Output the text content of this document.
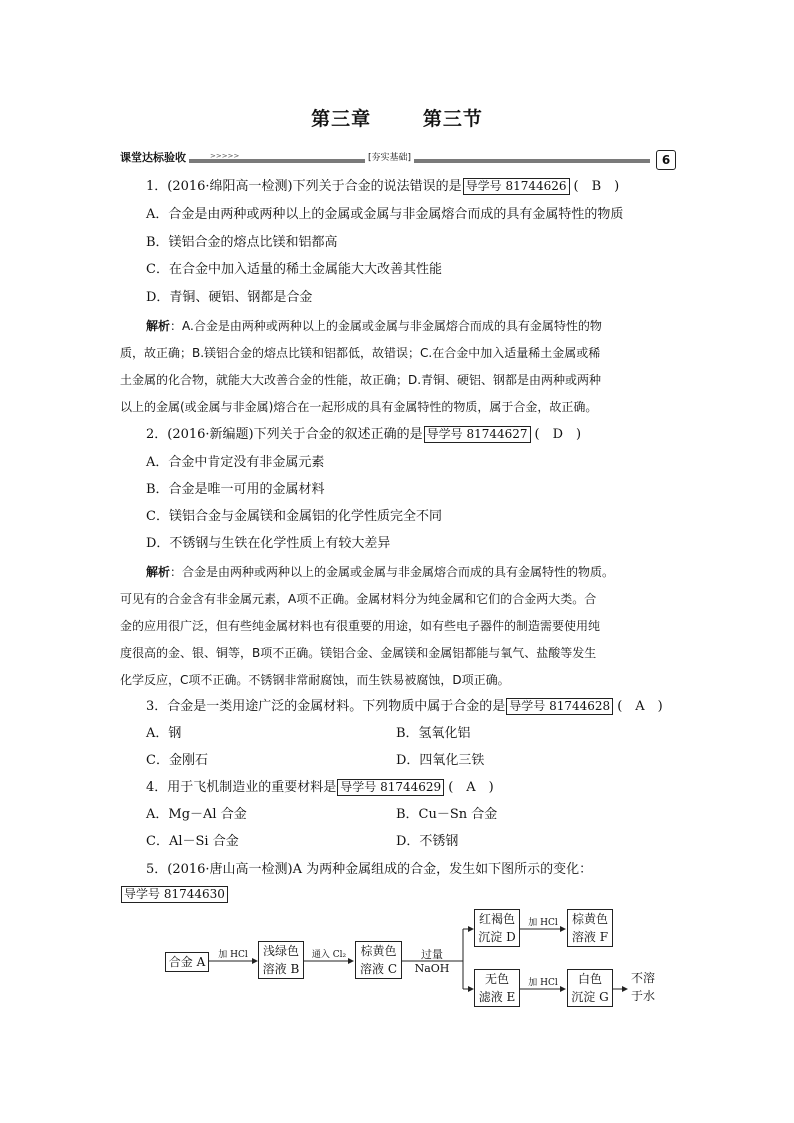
第三章	第三节
课堂达标验收	>>>>>	[夯实基础]	6
1．(2016·绵阳高一检测)下列关于合金的说法错误的是 导学号 81744626 (　B　)
A．合金是由两种或两种以上的金属或金属与非金属熔合而成的具有金属特性的物质
B．镁铝合金的熔点比镁和铝都高
C．在合金中加入适量的稀土金属能大大改善其性能
D．青铜、硬铝、钢都是合金
解析：A.合金是由两种或两种以上的金属或金属与非金属熔合而成的具有金属特性的物
质，故正确；B.镁铝合金的熔点比镁和铝都低，故错误；C.在合金中加入适量稀土金属或稀
土金属的化合物，就能大大改善合金的性能，故正确；D.青铜、硬铝、钢都是由两种或两种
以上的金属(或金属与非金属)熔合在一起形成的具有金属特性的物质，属于合金，故正确。
2．(2016·新编题)下列关于合金的叙述正确的是 导学号 81744627 (　D　)
A．合金中肯定没有非金属元素
B．合金是唯一可用的金属材料
C．镁铝合金与金属镁和金属铝的化学性质完全不同
D．不锈钢与生铁在化学性质上有较大差异
解析：合金是由两种或两种以上的金属或金属与非金属熔合而成的具有金属特性的物质。
可见有的合金含有非金属元素，A项不正确。金属材料分为纯金属和它们的合金两大类。合
金的应用很广泛，但有些纯金属材料也有很重要的用途，如有些电子器件的制造需要使用纯
度很高的金、银、铜等，B项不正确。镁铝合金、金属镁和金属铝都能与氧气、盐酸等发生
化学反应，C项不正确。不锈钢非常耐腐蚀，而生铁易被腐蚀，D项正确。
3．合金是一类用途广泛的金属材料。下列物质中属于合金的是 导学号 81744628 (　A　)
A．钢	B．氢氧化铝
C．金刚石	D．四氧化三铁
4．用于飞机制造业的重要材料是 导学号 81744629 (　A　)
A．Mg－Al 合金	B．Cu－Sn 合金
C．Al－Si 合金	D．不锈钢
5．(2016·唐山高一检测)A 为两种金属组成的合金，发生如下图所示的变化：
导学号 81744630
合金 A
浅绿色
溶液 B
棕黄色
溶液 C
红褐色
沉淀 D
无色
滤液 E
棕黄色
溶液 F
白色
沉淀 G
不溶
于水
加 HCl	通入 Cl₂	过量 NaOH
加 HCl
加 HCl
